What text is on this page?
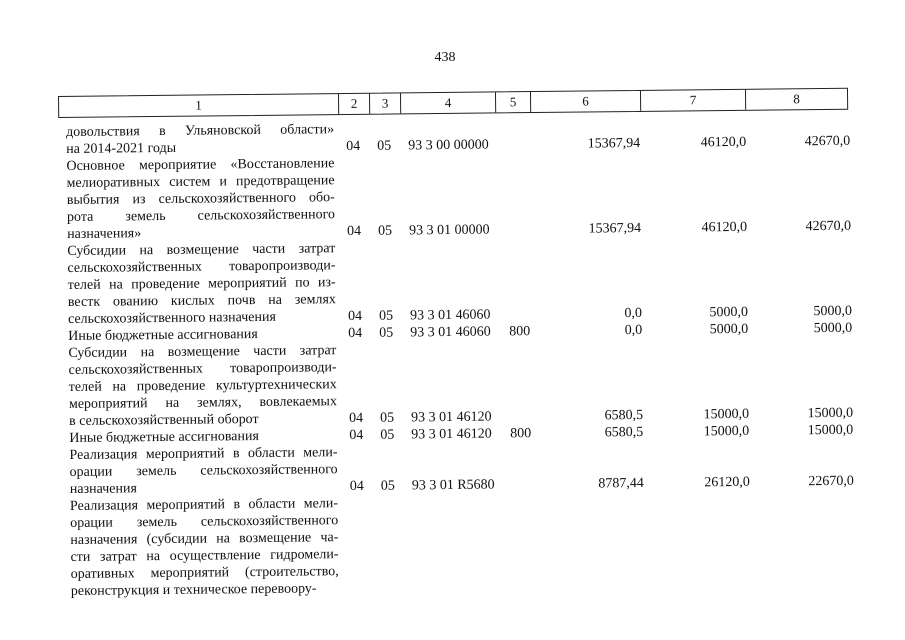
438
1	2	3	4	5	6	7	8
довольствия в Ульяновской области»
на 2014-2021 годы	04 05 93 3 00 00000	15367,94	46120,0	42670,0
Основное мероприятие «Восстановление
мелиоративных систем и предотвращение
выбытия из сельскохозяйственного обо-
рота земель сельскохозяйственного
назначения»	04 05 93 3 01 00000	15367,94	46120,0	42670,0
Субсидии на возмещение части затрат
сельскохозяйственных товаропроизводи-
телей на проведение мероприятий по из-
вестк ованию кислых почв на землях
сельскохозяйственного назначения	04 05 93 3 01 46060	0,0	5000,0	5000,0
Иные бюджетные ассигнования	04 05 93 3 01 46060 800	0,0	5000,0	5000,0
Субсидии на возмещение части затрат
сельскохозяйственных товаропроизводи-
телей на проведение культуртехнических
мероприятий на землях, вовлекаемых
в сельскохозяйственный оборот	04 05 93 3 01 46120	6580,5	15000,0	15000,0
Иные бюджетные ассигнования	04 05 93 3 01 46120 800	6580,5	15000,0	15000,0
Реализация мероприятий в области мели-
орации земель сельскохозяйственного
назначения	04 05 93 3 01 R5680	8787,44	26120,0	22670,0
Реализация мероприятий в области мели-
орации земель сельскохозяйственного
назначения (субсидии на возмещение ча-
сти затрат на осуществление гидромели-
оративных мероприятий (строительство,
реконструкция и техническое перевоору-
